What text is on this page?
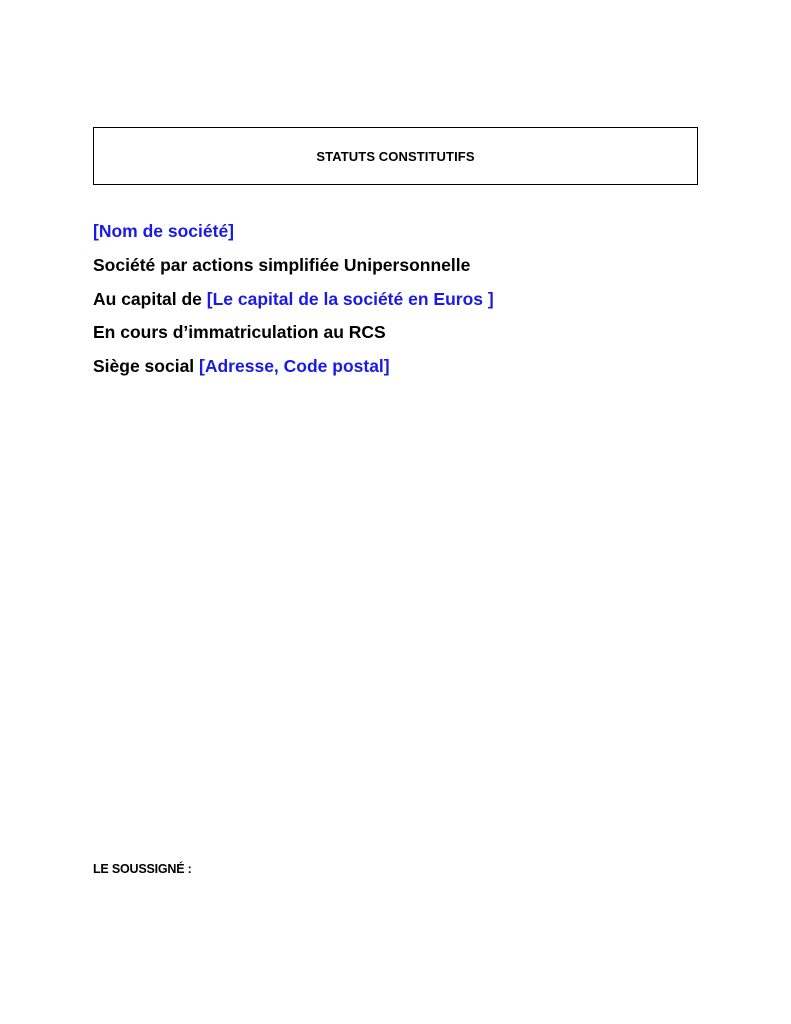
STATUTS CONSTITUTIFS
[Nom de société]
Société par actions simplifiée Unipersonnelle
Au capital de [Le capital de la société en Euros ]
En cours d’immatriculation au RCS
Siège social [Adresse, Code postal]
LE SOUSSIGNÉ :
